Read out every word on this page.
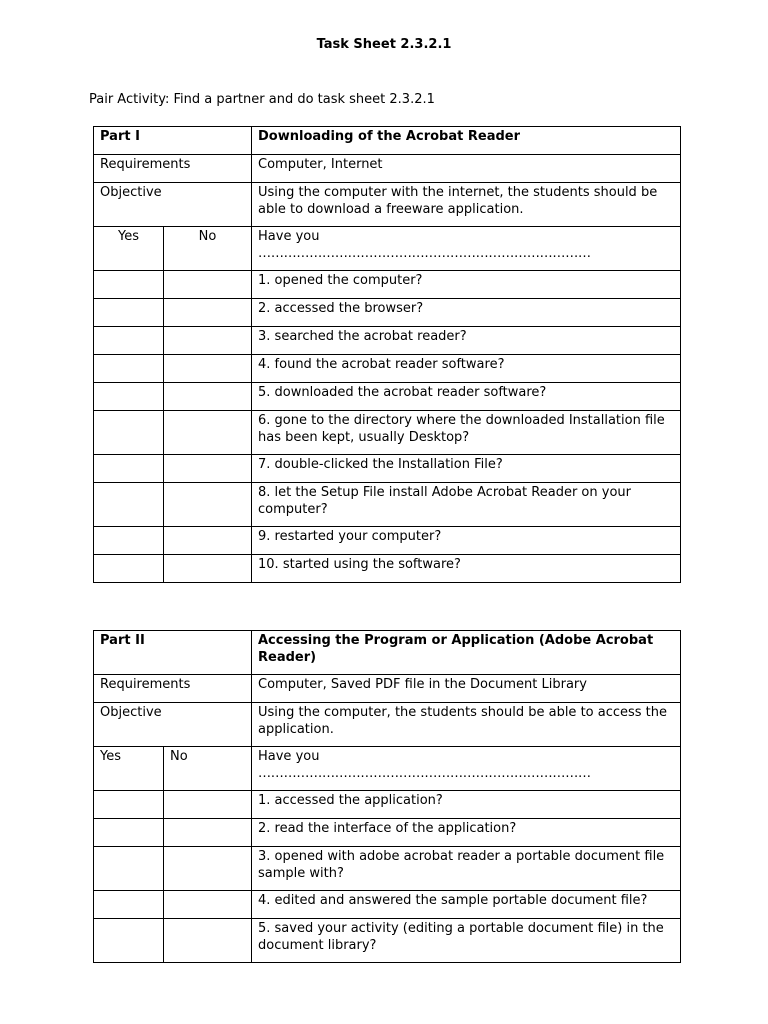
Task Sheet 2.3.2.1
Pair Activity: Find a partner and do task sheet 2.3.2.1
Part I		Downloading of the Acrobat Reader
Requirements		Computer, Internet
Objective		Using the computer with the internet, the students should be able to download a freeware application.
Yes	No	Have you
……………………………………………………………………

		1. opened the computer?
		2. accessed the browser?
		3. searched the acrobat reader?
		4. found the acrobat reader software?
		5. downloaded the acrobat reader software?
		6. gone to the directory where the downloaded Installation file has been kept, usually Desktop?
		7. double-clicked the Installation File?
		8. let the Setup File install Adobe Acrobat Reader on your computer?
		9. restarted your computer?
		10. started using the software?
Part II		Accessing the Program or Application (Adobe Acrobat Reader)
Requirements		Computer, Saved PDF file in the Document Library
Objective		Using the computer, the students should be able to access the application.
Yes	No	Have you
……………………………………………………………………

		1. accessed the application?
		2. read the interface of the application?
		3. opened with adobe acrobat reader a portable document file sample with?
		4. edited and answered the sample portable document file?
		5. saved your activity (editing a portable document file) in the document library?
